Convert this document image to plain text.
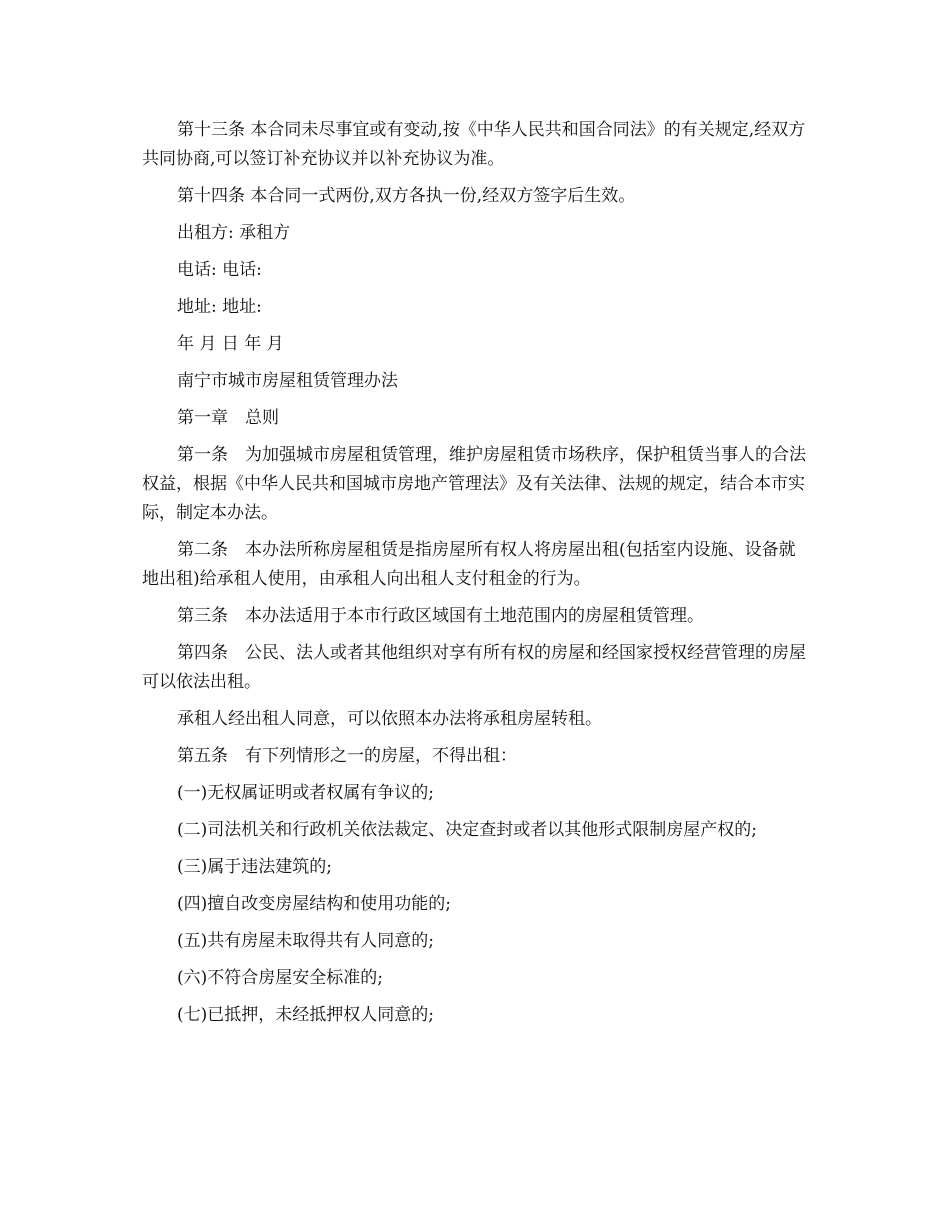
第十三条 本合同未尽事宜或有变动,按《中华人民共和国合同法》的有关规定,经双方共同协商,可以签订补充协议并以补充协议为准。

第十四条 本合同一式两份,双方各执一份,经双方签字后生效。

出租方: 承租方

电话: 电话:

地址: 地址:

年 月 日 年 月

南宁市城市房屋租赁管理办法

第一章　总则

第一条　为加强城市房屋租赁管理，维护房屋租赁市场秩序，保护租赁当事人的合法权益，根据《中华人民共和国城市房地产管理法》及有关法律、法规的规定，结合本市实际，制定本办法。

第二条　本办法所称房屋租赁是指房屋所有权人将房屋出租(包括室内设施、设备就地出租)给承租人使用，由承租人向出租人支付租金的行为。

第三条　本办法适用于本市行政区域国有土地范围内的房屋租赁管理。

第四条　公民、法人或者其他组织对享有所有权的房屋和经国家授权经营管理的房屋可以依法出租。

承租人经出租人同意，可以依照本办法将承租房屋转租。

第五条　有下列情形之一的房屋，不得出租：

(一)无权属证明或者权属有争议的;

(二)司法机关和行政机关依法裁定、决定查封或者以其他形式限制房屋产权的;

(三)属于违法建筑的;

(四)擅自改变房屋结构和使用功能的;

(五)共有房屋未取得共有人同意的;

(六)不符合房屋安全标准的;

(七)已抵押，未经抵押权人同意的;
